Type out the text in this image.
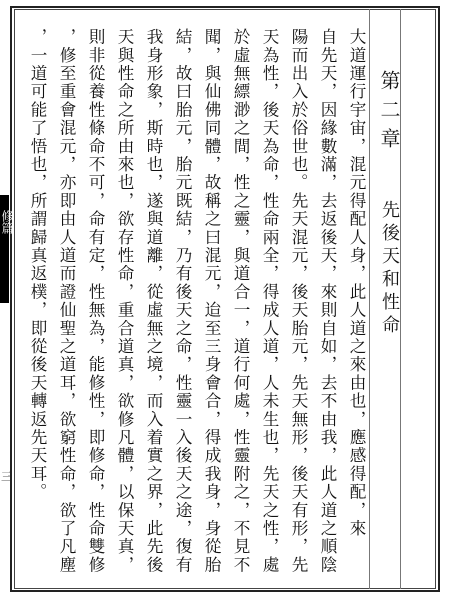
第二章
先後天和性命
大道運行宇宙，混元得配人身，此人道之來由也，應感得配，來
自先天，因緣數滿，去返後天，來則自如，去不由我，此人道之順陰
陽而出入於俗世也。先天混元，後天胎元，先天無形，後天有形，先
天為性，後天為命，性命兩全，得成人道，人未生也，先天之性，處
於虛無縹渺之間，性之靈，與道合一，道行何處，性靈附之，不見不
聞，與仙佛同體，故稱之曰混元，迨至三身會合，得成我身，身從胎
結，故曰胎元，胎元既結，乃有後天之命，性靈一入後天之途，復有
我身形象，斯時也，遂與道離，從虛無之境，而入着實之界，此先後
天與性命之所由來也，欲存性命，重合道真，欲修凡體，以保天真，
則非從養性條命不可，命有定，性無為，能修性，即修命，性命雙修
，修至重會混元，亦即由人道而證仙聖之道耳，欲窮性命，欲了凡塵
，一道可能了悟也，所謂歸真返樸，即從後天轉返先天耳。
修篇
三
